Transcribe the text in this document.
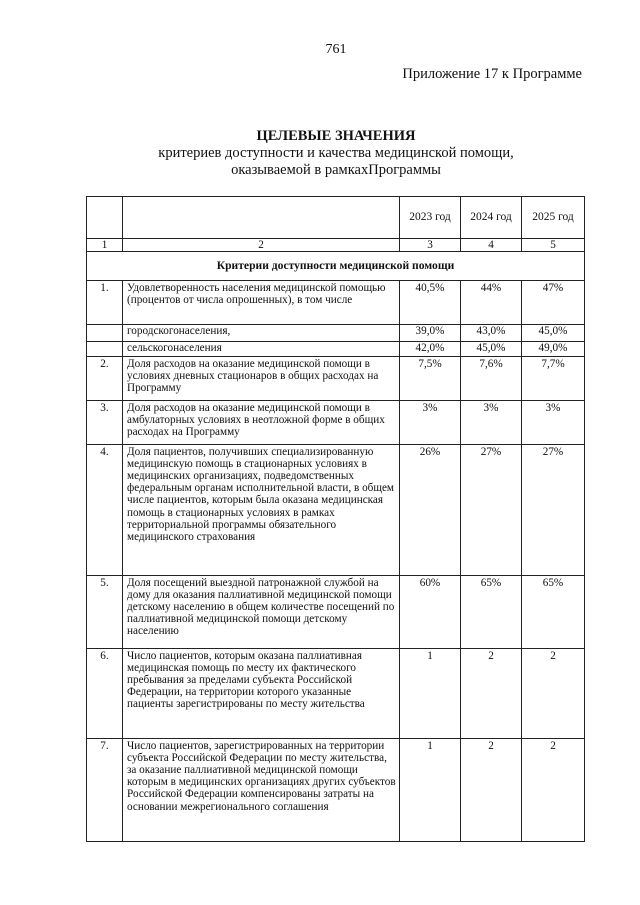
761
Приложение 17 к Программе
ЦЕЛЕВЫЕ ЗНАЧЕНИЯ
критериев доступности и качества медицинской помощи,
оказываемой в рамкахПрограммы
		2023 год	2024 год	2025 год
1	2	3	4	5
Критерии доступности медицинской помощи				
1.	Удовлетворенность населения медицинской помощью (процентов от числа опрошенных), в том числе	40,5%	44%	47%
	городскогонаселения,	39,0%	43,0%	45,0%
	сельскогонаселения	42,0%	45,0%	49,0%
2.	Доля расходов на оказание медицинской помощи в условиях дневных стационаров в общих расходах на Программу	7,5%	7,6%	7,7%
3.	Доля расходов на оказание медицинской помощи в амбулаторных условиях в неотложной форме в общих расходах на Программу	3%	3%	3%
4.	Доля пациентов, получивших специализированную медицинскую помощь в стационарных условиях в медицинских организациях, подведомственных федеральным органам исполнительной власти, в общем числе пациентов, которым была оказана медицинская помощь в стационарных условиях в рамках территориальной программы обязательного медицинского страхования	26%	27%	27%
5.	Доля посещений выездной патронажной службой на дому для оказания паллиативной медицинской помощи детскому населению в общем количестве посещений по паллиативной медицинской помощи детскому населению	60%	65%	65%
6.	Число пациентов, которым оказана паллиативная медицинская помощь по месту их фактического пребывания за пределами субъекта Российской Федерации, на территории которого указанные пациенты зарегистрированы по месту жительства	1	2	2
7.	Число пациентов, зарегистрированных на территории субъекта Российской Федерации по месту жительства, за оказание паллиативной медицинской помощи которым в медицинских организациях других субъектов Российской Федерации компенсированы затраты на основании межрегионального соглашения	1	2	2
